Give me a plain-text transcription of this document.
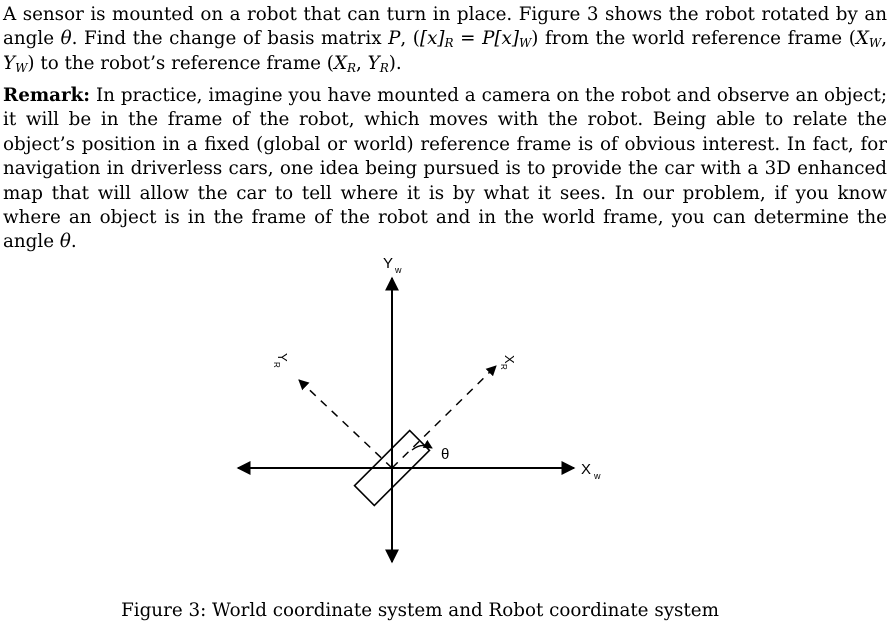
A sensor is mounted on a robot that can turn in place. Figure 3 shows the robot rotated by an angle θ. Find the change of basis matrix P, $([x]_R = P[x]_W)$ from the world reference frame ($X_W$, $Y_W$) to the robot’s reference frame ($X_R$, $Y_R$).
Remark: In practice, imagine you have mounted a camera on the robot and observe an object; it will be in the frame of the robot, which moves with the robot. Being able to relate the object’s position in a fixed (global or world) reference frame is of obvious interest. In fact, for navigation in driverless cars, one idea being pursued is to provide the car with a 3D enhanced map that will allow the car to tell where it is by what it sees. In our problem, if you know where an object is in the frame of the robot and in the world frame, you can determine the angle θ.
Y w
X w
X
R
Y
R
θ
Figure 3: World coordinate system and Robot coordinate system
